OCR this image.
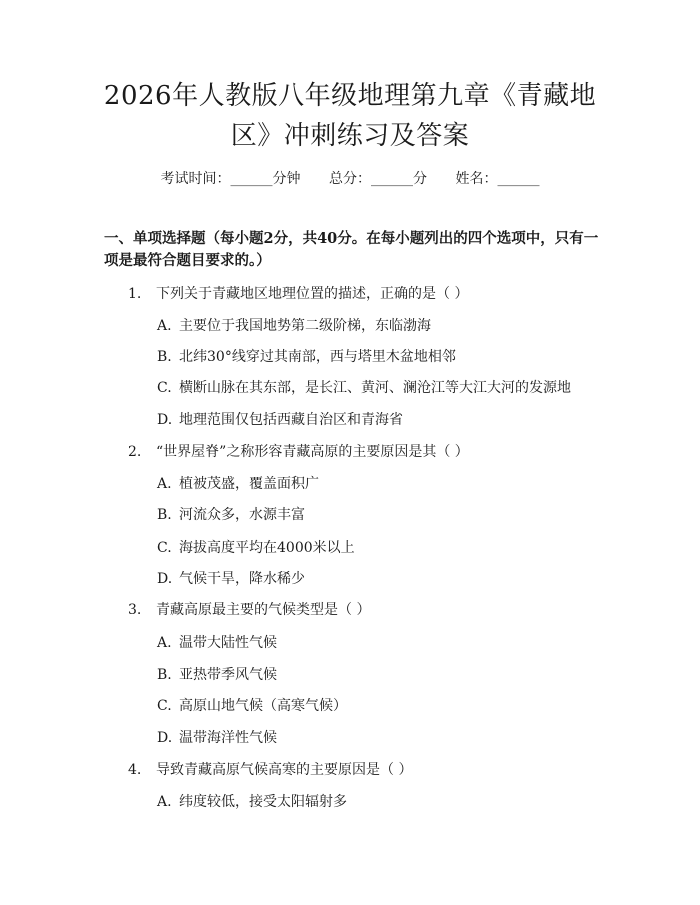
2026年人教版八年级地理第九章《青藏地
区》冲刺练习及答案
考试时间：______分钟 总分：______分 姓名：______
一、单项选择题（每小题2分，共40分。在每小题列出的四个选项中，只有一项是最符合题目要求的。）
1. 下列关于青藏地区地理位置的描述，正确的是（ ）
A. 主要位于我国地势第二级阶梯，东临渤海
B. 北纬30°线穿过其南部，西与塔里木盆地相邻
C. 横断山脉在其东部，是长江、黄河、澜沧江等大江大河的发源地
D. 地理范围仅包括西藏自治区和青海省
2. “世界屋脊”之称形容青藏高原的主要原因是其（ ）
A. 植被茂盛，覆盖面积广
B. 河流众多，水源丰富
C. 海拔高度平均在4000米以上
D. 气候干旱，降水稀少
3. 青藏高原最主要的气候类型是（ ）
A. 温带大陆性气候
B. 亚热带季风气候
C. 高原山地气候（高寒气候）
D. 温带海洋性气候
4. 导致青藏高原气候高寒的主要原因是（ ）
A. 纬度较低，接受太阳辐射多
